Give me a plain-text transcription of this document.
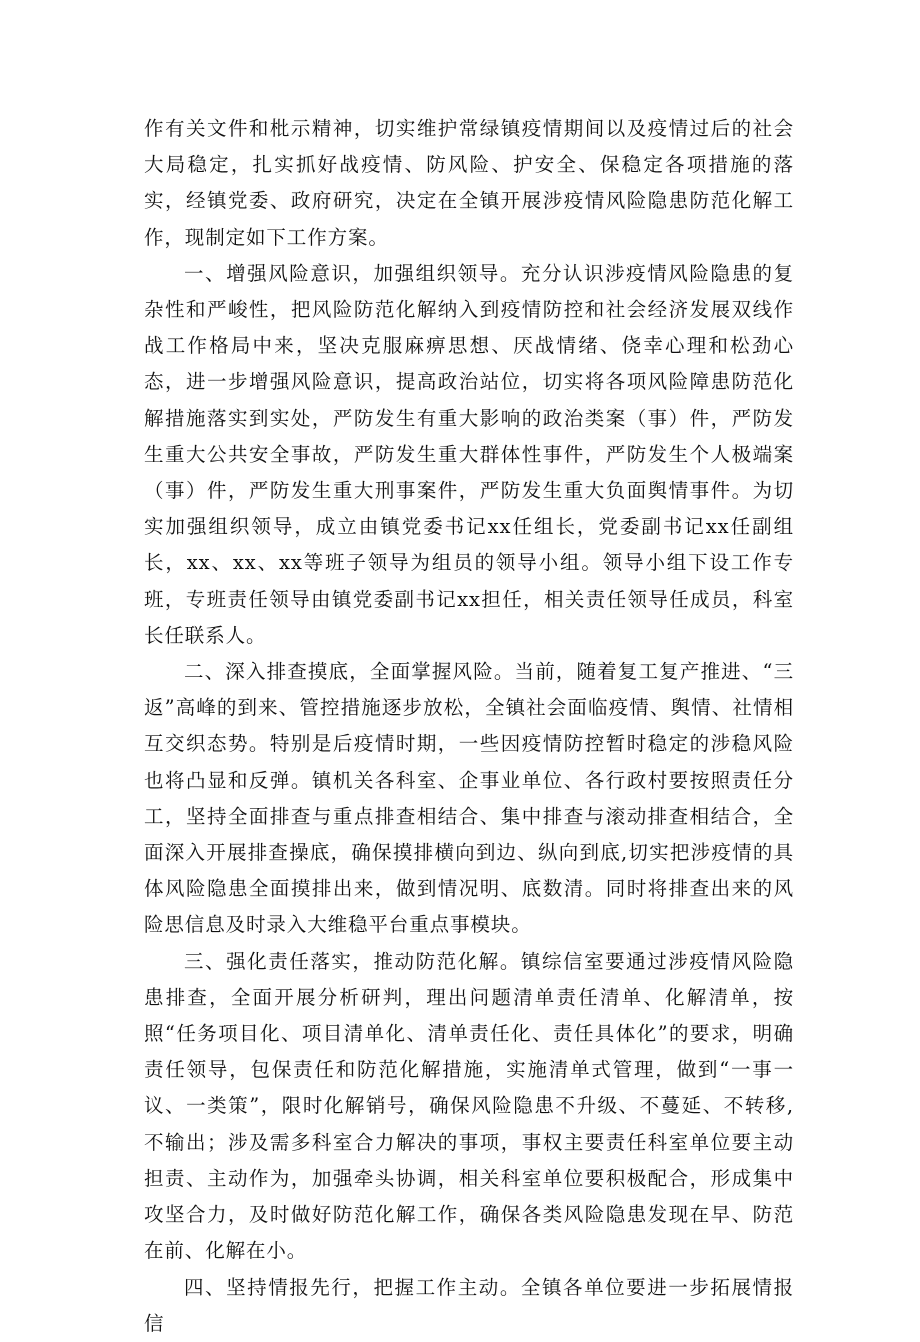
作有关文件和枇示精神，切实维护常绿镇疫情期间以及疫情过后的社会大局稳定，扎实抓好战疫情、防风险、护安全、保稳定各项措施的落实，经镇党委、政府研究，决定在全镇开展涉疫情风险隐患防范化解工作，现制定如下工作方案。

一、增强风险意识，加强组织领导。充分认识涉疫情风险隐患的复杂性和严峻性，把风险防范化解纳入到疫情防控和社会经济发展双线作战工作格局中来，坚决克服麻痹思想、厌战情绪、侥幸心理和松劲心态，进一步增强风险意识，提高政治站位，切实将各项风险障患防范化解措施落实到实处，严防发生有重大影响的政治类案（事）件，严防发生重大公共安全事故，严防发生重大群体性事件，严防发生个人极端案（事）件，严防发生重大刑事案件，严防发生重大负面舆情事件。为切实加强组织领导，成立由镇党委书记xx任组长，党委副书记xx任副组长，xx、xx、xx等班子领导为组员的领导小组。领导小组下设工作专班，专班责任领导由镇党委副书记xx担任，相关责任领导任成员，科室长任联系人。

二、深入排查摸底，全面掌握风险。当前，随着复工复产推进、“三返”高峰的到来、管控措施逐步放松，全镇社会面临疫情、舆情、社情相互交织态势。特别是后疫情时期，一些因疫情防控暂时稳定的涉稳风险也将凸显和反弹。镇机关各科室、企事业单位、各行政村要按照责任分工，坚持全面排查与重点排查相结合、集中排查与滚动排查相结合，全面深入开展排查操底，确保摸排横向到边、纵向到底,切实把涉疫情的具体风险隐患全面摸排出来，做到情况明、底数清。同时将排查出来的风险思信息及时录入大维稳平台重点事模块。

三、强化责任落实，推动防范化解。镇综信室要通过涉疫情风险隐患排查，全面开展分析研判，理出问题清单责任清单、化解清单，按照“任务项目化、项目清单化、清单责任化、责任具体化”的要求，明确责任领导，包保责任和防范化解措施，实施清单式管理，做到“一事一议、一类策”，限时化解销号，确保风险隐患不升级、不蔓延、不转移,不输出；涉及需多科室合力解决的事项，事权主要责任科室单位要主动担责、主动作为，加强牵头协调，相关科室单位要积极配合，形成集中攻坚合力，及时做好防范化解工作，确保各类风险隐患发现在早、防范在前、化解在小。

四、坚持情报先行，把握工作主动。全镇各单位要进一步拓展情报信
